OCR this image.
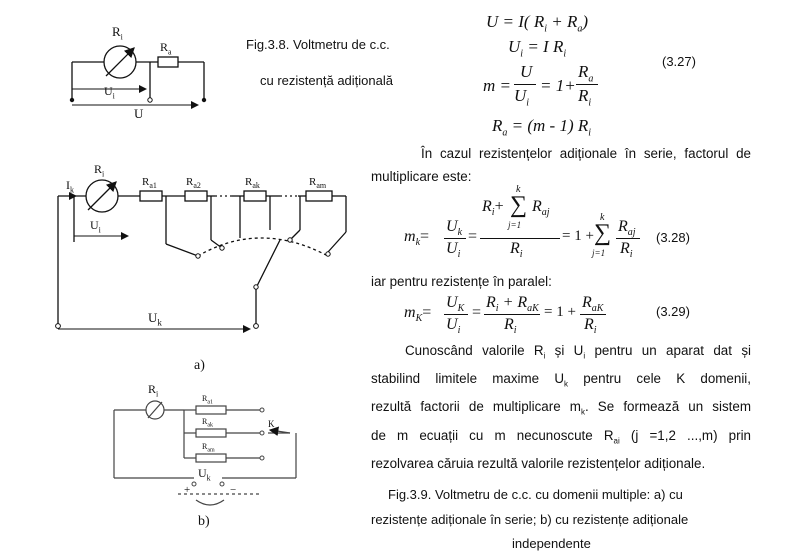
$R_i$
$R_a$
$U_i$
U
Fig.3.8. Voltmetru de c.c.
cu rezistență adițională
U = I( $R_i + R_a$)
$U_i = I$ $R_i$
m =
U
$U_i$
= 1+
$R_a$
$R_i$
$R_a = (m - 1)$ $R_i$
(3.27)
În cazul rezistențelor adiționale în serie, factorul de multiplicare este:
$m_k=$
$U_k$
$U_i$
=
$R_i+$
k
∑
j=1
$R_{aj}$
$R_i$
= 1 +
k
∑
j=1
$R_{aj}$
$R_i$
(3.28)
iar pentru rezistențe în paralel:
$m_K=$
$U_K$
$U_i$
=
$R_i + R_{aK}$
$R_i$
= 1 +
$R_{aK}$
$R_i$
(3.29)
Cunoscând valorile $R_i$ și $U_i$ pentru un aparat dat și
stabilind limitele maxime $U_k$ pentru cele K domenii,
rezultă factorii de multiplicare $m_k$. Se formează un sistem
de m ecuații cu m necunoscute $R_{ai}$ (j =1,2 ...,m) prin
rezolvarea căruia rezultă valorile rezistențelor adiționale.
Fig.3.9. Voltmetru de c.c. cu domenii multiple: a) cu
rezistențe adiționale în serie; b) cu rezistențe adiționale
independente
$I_k$
$R_i$
$R_{a1}$	$R_{a2}$	$R_{ak}$	$R_{am}$
$U_i$
$U_k$
a)
$R_i$
$R_{a1}$
$R_{ak}$
$R_{am}$
K
$U_k$
+	−
b)
